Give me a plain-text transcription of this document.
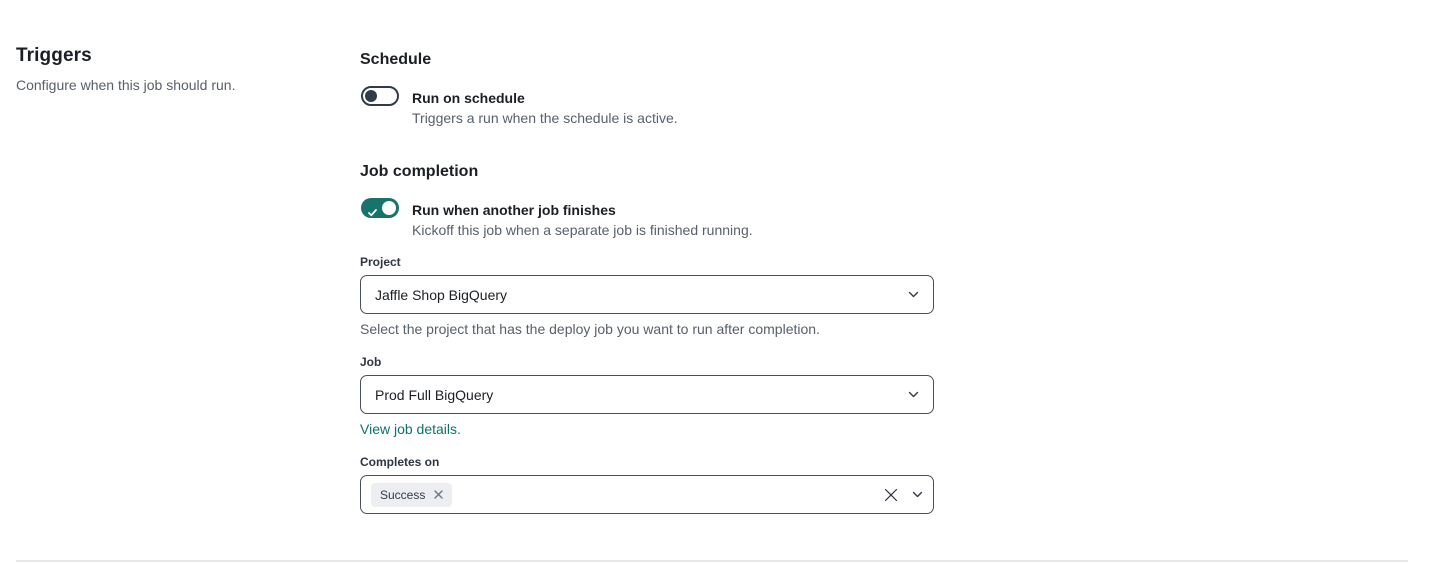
Triggers

Configure when this job should run.

Schedule
Run on schedule
Triggers a run when the schedule is active.
Job completion
Run when another job finishes
Kickoff this job when a separate job is finished running.
Project
Jaffle Shop BigQuery

Select the project that has the deploy job you want to run after completion.

Job
Prod Full BigQuery
View job details.
Completes on
Success
